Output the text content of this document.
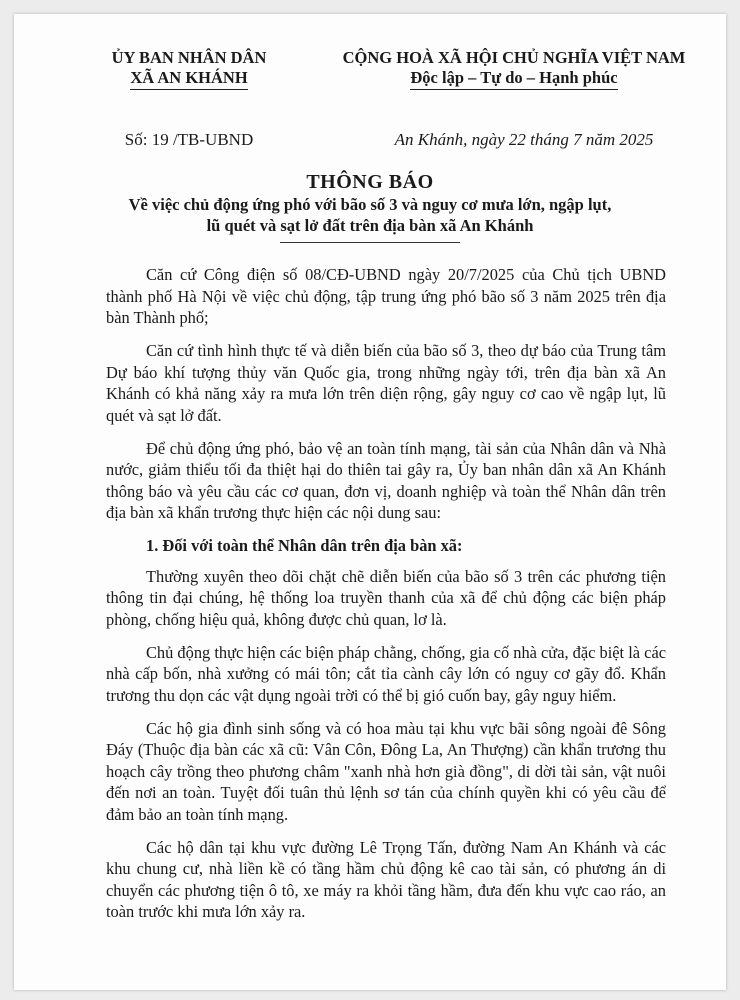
ỦY BAN NHÂN DÂN
XÃ AN KHÁNH
CỘNG HOÀ XÃ HỘI CHỦ NGHĨA VIỆT NAM
Độc lập – Tự do – Hạnh phúc
Số: 19 /TB-UBND	An Khánh, ngày 22 tháng 7 năm 2025
THÔNG BÁO
Về việc chủ động ứng phó với bão số 3 và nguy cơ mưa lớn, ngập lụt,
lũ quét và sạt lở đất trên địa bàn xã An Khánh

Căn cứ Công điện số 08/CĐ-UBND ngày 20/7/2025 của Chủ tịch UBND thành phố Hà Nội về việc chủ động, tập trung ứng phó bão số 3 năm 2025 trên địa bàn Thành phố;

Căn cứ tình hình thực tế và diễn biến của bão số 3, theo dự báo của Trung tâm Dự báo khí tượng thủy văn Quốc gia, trong những ngày tới, trên địa bàn xã An Khánh có khả năng xảy ra mưa lớn trên diện rộng, gây nguy cơ cao về ngập lụt, lũ quét và sạt lở đất.

Để chủ động ứng phó, bảo vệ an toàn tính mạng, tài sản của Nhân dân và Nhà nước, giảm thiểu tối đa thiệt hại do thiên tai gây ra, Ủy ban nhân dân xã An Khánh thông báo và yêu cầu các cơ quan, đơn vị, doanh nghiệp và toàn thể Nhân dân trên địa bàn xã khẩn trương thực hiện các nội dung sau:

1. Đối với toàn thể Nhân dân trên địa bàn xã:

Thường xuyên theo dõi chặt chẽ diễn biến của bão số 3 trên các phương tiện thông tin đại chúng, hệ thống loa truyền thanh của xã để chủ động các biện pháp phòng, chống hiệu quả, không được chủ quan, lơ là.

Chủ động thực hiện các biện pháp chằng, chống, gia cố nhà cửa, đặc biệt là các nhà cấp bốn, nhà xưởng có mái tôn; cắt tỉa cành cây lớn có nguy cơ gãy đổ. Khẩn trương thu dọn các vật dụng ngoài trời có thể bị gió cuốn bay, gây nguy hiểm.

Các hộ gia đình sinh sống và có hoa màu tại khu vực bãi sông ngoài đê Sông Đáy (Thuộc địa bàn các xã cũ: Vân Côn, Đông La, An Thượng) cần khẩn trương thu hoạch cây trồng theo phương châm "xanh nhà hơn già đồng", di dời tài sản, vật nuôi đến nơi an toàn. Tuyệt đối tuân thủ lệnh sơ tán của chính quyền khi có yêu cầu để đảm bảo an toàn tính mạng.

Các hộ dân tại khu vực đường Lê Trọng Tấn, đường Nam An Khánh và các khu chung cư, nhà liền kề có tầng hầm chủ động kê cao tài sản, có phương án di chuyển các phương tiện ô tô, xe máy ra khỏi tầng hầm, đưa đến khu vực cao ráo, an toàn trước khi mưa lớn xảy ra.
